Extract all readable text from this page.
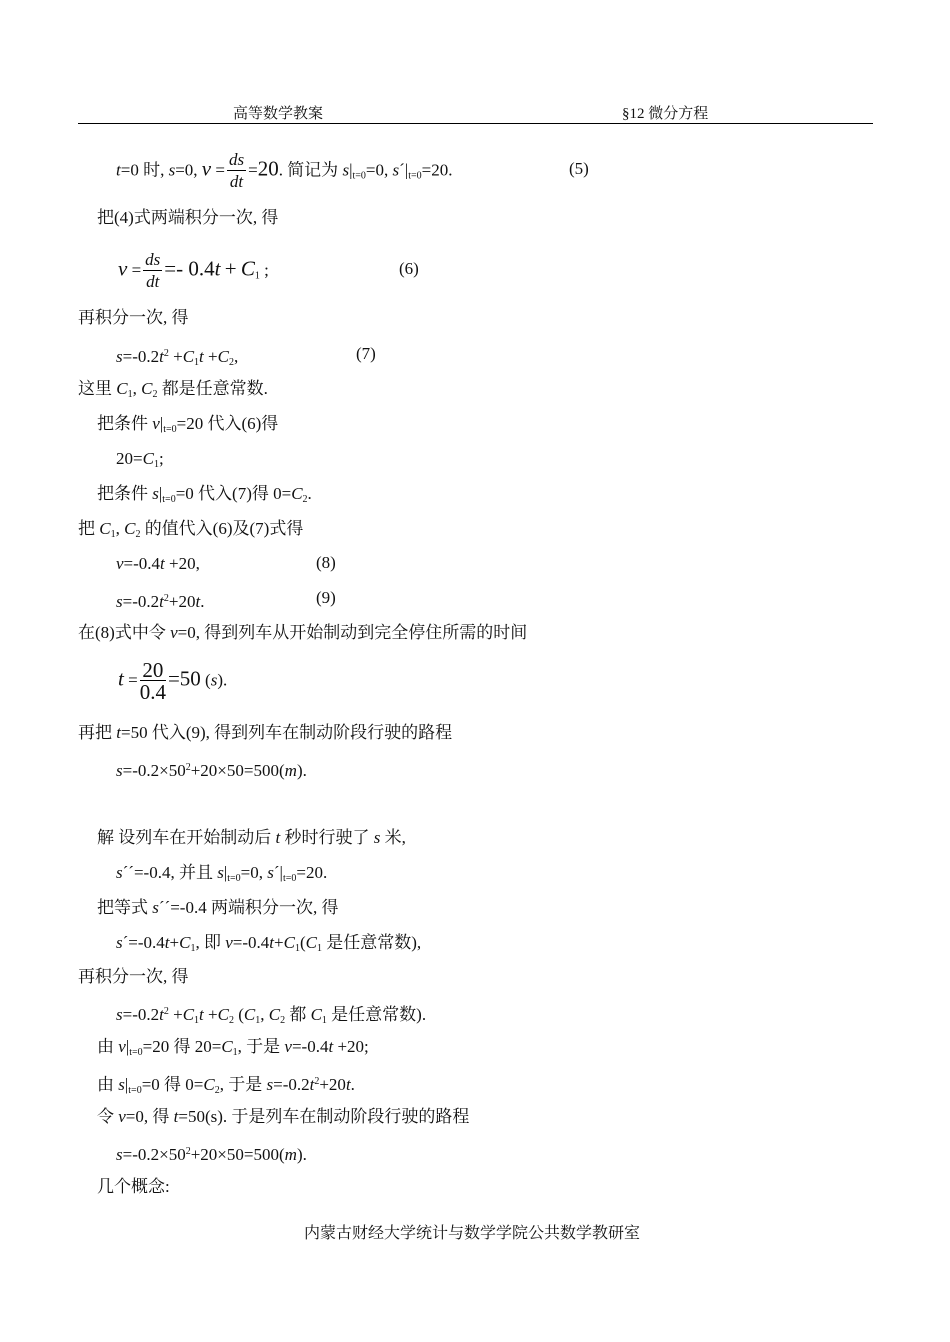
高等数学教案	§12 微分方程
t=0 时, s=0, $v = \frac{ds}{dt} =20$. 简记为 $s|_{t=0}=0$, $s´|_{t=0}=20$.	(5)
把(4)式两端积分一次, 得
$v = \frac{ds}{dt} =- 0.4t + C_1$ ;	(6)
再积分一次, 得
$s=-0.2t^2 +C_1t +C_2$,	(7)
这里 $C_1$, $C_2$ 都是任意常数.
把条件 $v|_{t=0}=20$ 代入(6)得
$20=C_1$;
把条件 $s|_{t=0}=0$ 代入(7)得 $0=C_2$.
把 $C_1$, $C_2$ 的值代入(6)及(7)式得
v=-0.4t +20,	(8)
$s=-0.2t^2+20t$.	(9)
在(8)式中令 v=0, 得到列车从开始制动到完全停住所需的时间
$t = \frac{20}{0.4} =50$ (s).
再把 t=50 代入(9), 得到列车在制动阶段行驶的路程
$s=-0.2\times 50^2+20\times 50=500(m)$.
解 设列车在开始制动后 t 秒时行驶了 s 米,
s´´=-0.4, 并且 $s|_{t=0}=0$, $s´|_{t=0}=20$.
把等式 s´´=-0.4 两端积分一次, 得
$s´=-0.4t+C_1$, 即 $v=-0.4t+C_1(C_1$ 是任意常数),
再积分一次, 得
$s=-0.2t^2 +C_1t +C_2$ ($C_1$, $C_2$ 都 $C_1$ 是任意常数).
由 $v|_{t=0}=20$ 得 $20=C_1$, 于是 v=-0.4t +20;
由 $s|_{t=0}=0$ 得 $0=C_2$, 于是 $s=-0.2t^2+20t$.
令 v=0, 得 t=50(s). 于是列车在制动阶段行驶的路程
$s=-0.2\times 50^2+20\times 50=500(m)$.
几个概念:
内蒙古财经大学统计与数学学院公共数学教研室
